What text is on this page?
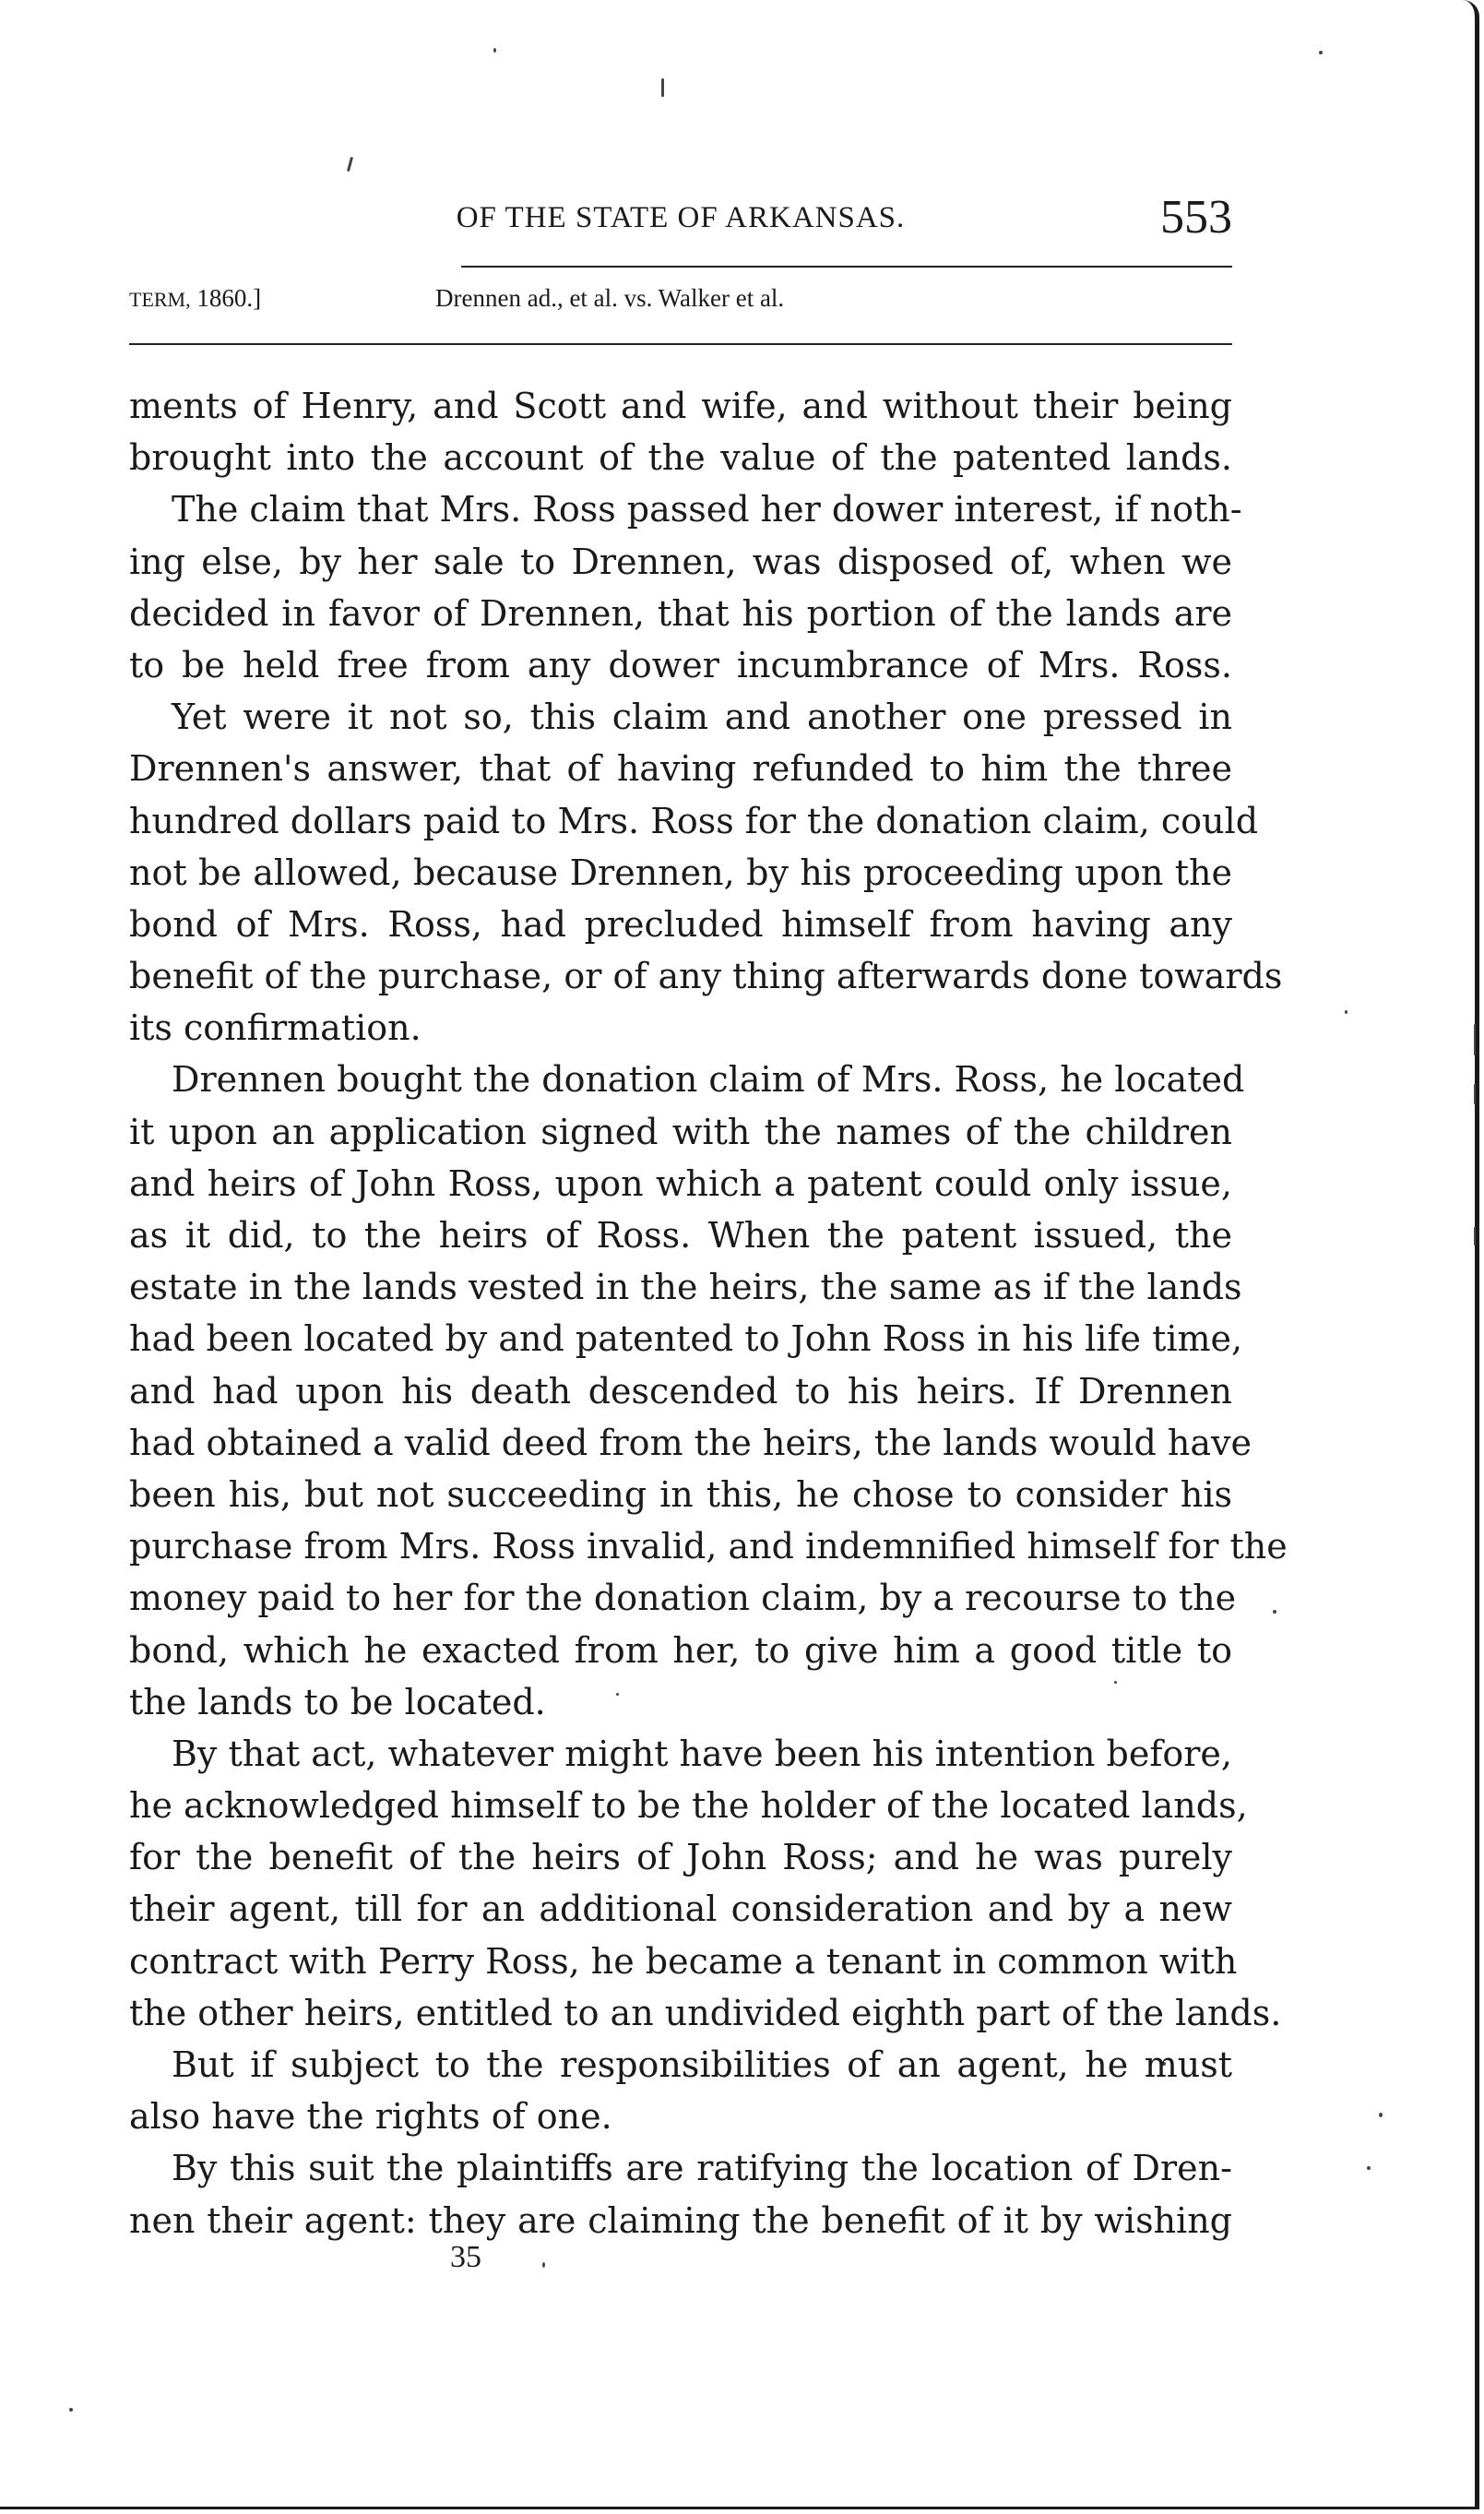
OF THE STATE OF ARKANSAS.	553
TERM, 1860.]	Drennen ad., et al. vs. Walker et al.
ments of Henry, and Scott and wife, and without their being
brought into the account of the value of the patented lands.
The claim that Mrs. Ross passed her dower interest, if noth-
ing else, by her sale to Drennen, was disposed of, when we
decided in favor of Drennen, that his portion of the lands are
to be held free from any dower incumbrance of Mrs. Ross.
Yet were it not so, this claim and another one pressed in
Drennen's answer, that of having refunded to him the three
hundred dollars paid to Mrs. Ross for the donation claim, could
not be allowed, because Drennen, by his proceeding upon the
bond of Mrs. Ross, had precluded himself from having any
benefit of the purchase, or of any thing afterwards done towards
its confirmation.
Drennen bought the donation claim of Mrs. Ross, he located
it upon an application signed with the names of the children
and heirs of John Ross, upon which a patent could only issue,
as it did, to the heirs of Ross. When the patent issued, the
estate in the lands vested in the heirs, the same as if the lands
had been located by and patented to John Ross in his life time,
and had upon his death descended to his heirs. If Drennen
had obtained a valid deed from the heirs, the lands would have
been his, but not succeeding in this, he chose to consider his
purchase from Mrs. Ross invalid, and indemnified himself for the
money paid to her for the donation claim, by a recourse to the
bond, which he exacted from her, to give him a good title to
the lands to be located.
By that act, whatever might have been his intention before,
he acknowledged himself to be the holder of the located lands,
for the benefit of the heirs of John Ross; and he was purely
their agent, till for an additional consideration and by a new
contract with Perry Ross, he became a tenant in common with
the other heirs, entitled to an undivided eighth part of the lands.
But if subject to the responsibilities of an agent, he must
also have the rights of one.
By this suit the plaintiffs are ratifying the location of Dren-
nen their agent: they are claiming the benefit of it by wishing
35
